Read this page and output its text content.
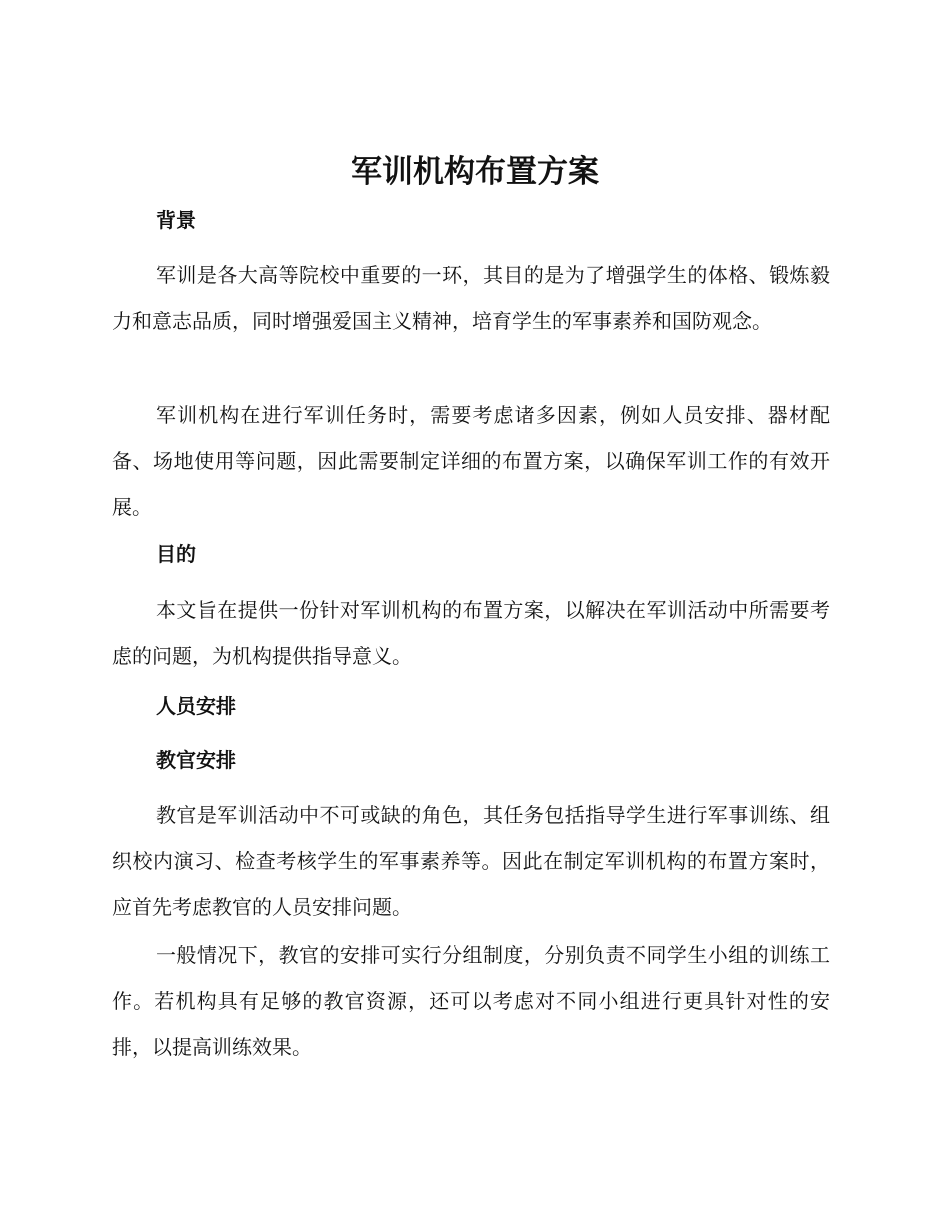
军训机构布置方案
背景

军训是各大高等院校中重要的一环，其目的是为了增强学生的体格、锻炼毅力和意志品质，同时增强爱国主义精神，培育学生的军事素养和国防观念。

军训机构在进行军训任务时，需要考虑诸多因素，例如人员安排、器材配备、场地使用等问题，因此需要制定详细的布置方案，以确保军训工作的有效开展。

目的

本文旨在提供一份针对军训机构的布置方案，以解决在军训活动中所需要考虑的问题，为机构提供指导意义。

人员安排
教官安排

教官是军训活动中不可或缺的角色，其任务包括指导学生进行军事训练、组织校内演习、检查考核学生的军事素养等。因此在制定军训机构的布置方案时，应首先考虑教官的人员安排问题。

一般情况下，教官的安排可实行分组制度，分别负责不同学生小组的训练工作。若机构具有足够的教官资源，还可以考虑对不同小组进行更具针对性的安排，以提高训练效果。
